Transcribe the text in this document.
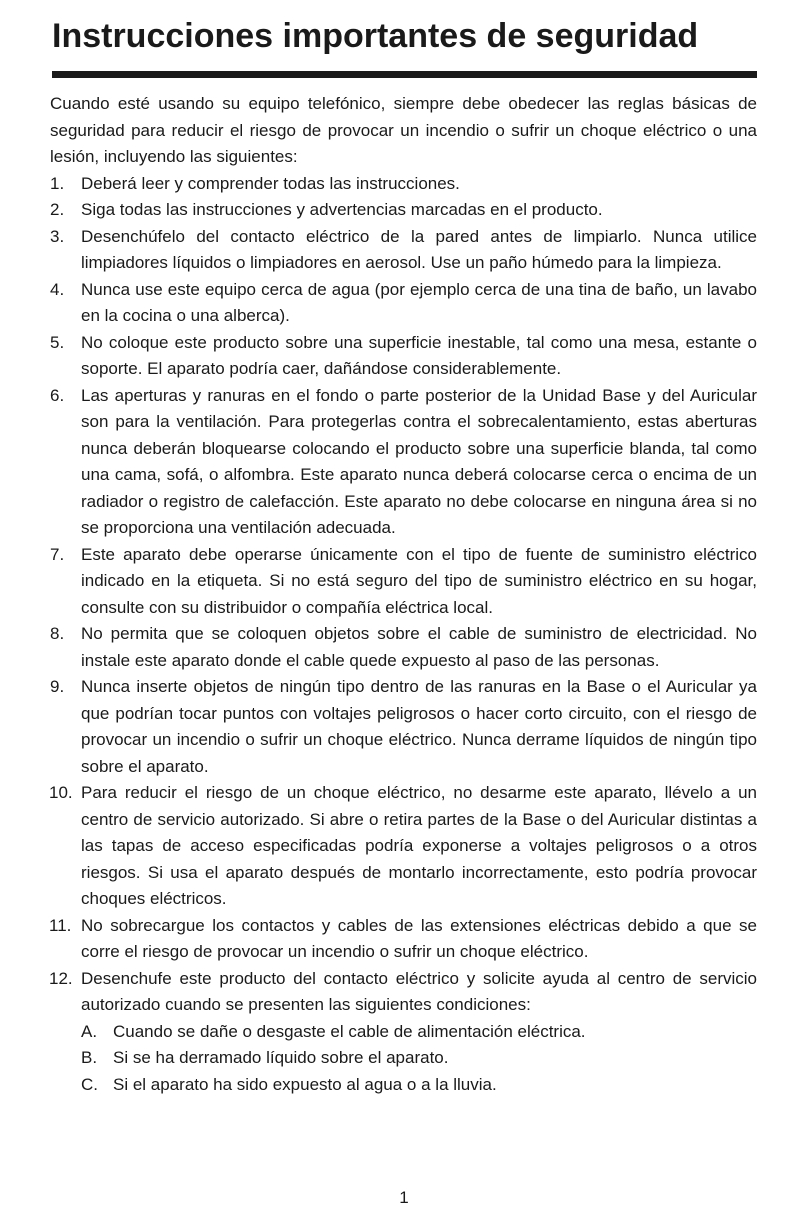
Instrucciones importantes de seguridad

Cuando esté usando su equipo telefónico, siempre debe obedecer las reglas básicas de seguridad para reducir el riesgo de provocar un incendio o sufrir un choque eléctrico o una lesión, incluyendo las siguientes:

1. Deberá leer y comprender todas las instrucciones.
2. Siga todas las instrucciones y advertencias marcadas en el producto.
3. Desenchúfelo del contacto eléctrico de la pared antes de limpiarlo. Nunca utilice limpiadores líquidos o limpiadores en aerosol. Use un paño húmedo para la limpieza.
4. Nunca use este equipo cerca de agua (por ejemplo cerca de una tina de baño, un lavabo en la cocina o una alberca).
5. No coloque este producto sobre una superficie inestable, tal como una mesa, estante o soporte. El aparato podría caer, dañándose considerablemente.
6. Las aperturas y ranuras en el fondo o parte posterior de la Unidad Base y del Auricular son para la ventilación. Para protegerlas contra el sobrecalentamiento, estas aberturas nunca deberán bloquearse colocando el producto sobre una superficie blanda, tal como una cama, sofá, o alfombra. Este aparato nunca deberá colocarse cerca o encima de un radiador o registro de calefacción. Este aparato no debe colocarse en ninguna área si no se proporciona una ventilación adecuada.
7. Este aparato debe operarse únicamente con el tipo de fuente de suministro eléctrico indicado en la etiqueta. Si no está seguro del tipo de suministro eléctrico en su hogar, consulte con su distribuidor o compañía eléctrica local.
8. No permita que se coloquen objetos sobre el cable de suministro de electricidad. No instale este aparato donde el cable quede expuesto al paso de las personas.
9. Nunca inserte objetos de ningún tipo dentro de las ranuras en la Base o el Auricular ya que podrían tocar puntos con voltajes peligrosos o hacer corto circuito, con el riesgo de provocar un incendio o sufrir un choque eléctrico. Nunca derrame líquidos de ningún tipo sobre el aparato.
10. Para reducir el riesgo de un choque eléctrico, no desarme este aparato, llévelo a un centro de servicio autorizado. Si abre o retira partes de la Base o del Auricular distintas a las tapas de acceso especificadas podría exponerse a voltajes peligrosos o a otros riesgos. Si usa el aparato después de montarlo incorrectamente, esto podría provocar choques eléctricos.
11. No sobrecargue los contactos y cables de las extensiones eléctricas debido a que se corre el riesgo de provocar un incendio o sufrir un choque eléctrico.
12. Desenchufe este producto del contacto eléctrico y solicite ayuda al centro de servicio autorizado cuando se presenten las siguientes condiciones:
A. Cuando se dañe o desgaste el cable de alimentación eléctrica.
B. Si se ha derramado líquido sobre el aparato.
C. Si el aparato ha sido expuesto al agua o a la lluvia.
1
